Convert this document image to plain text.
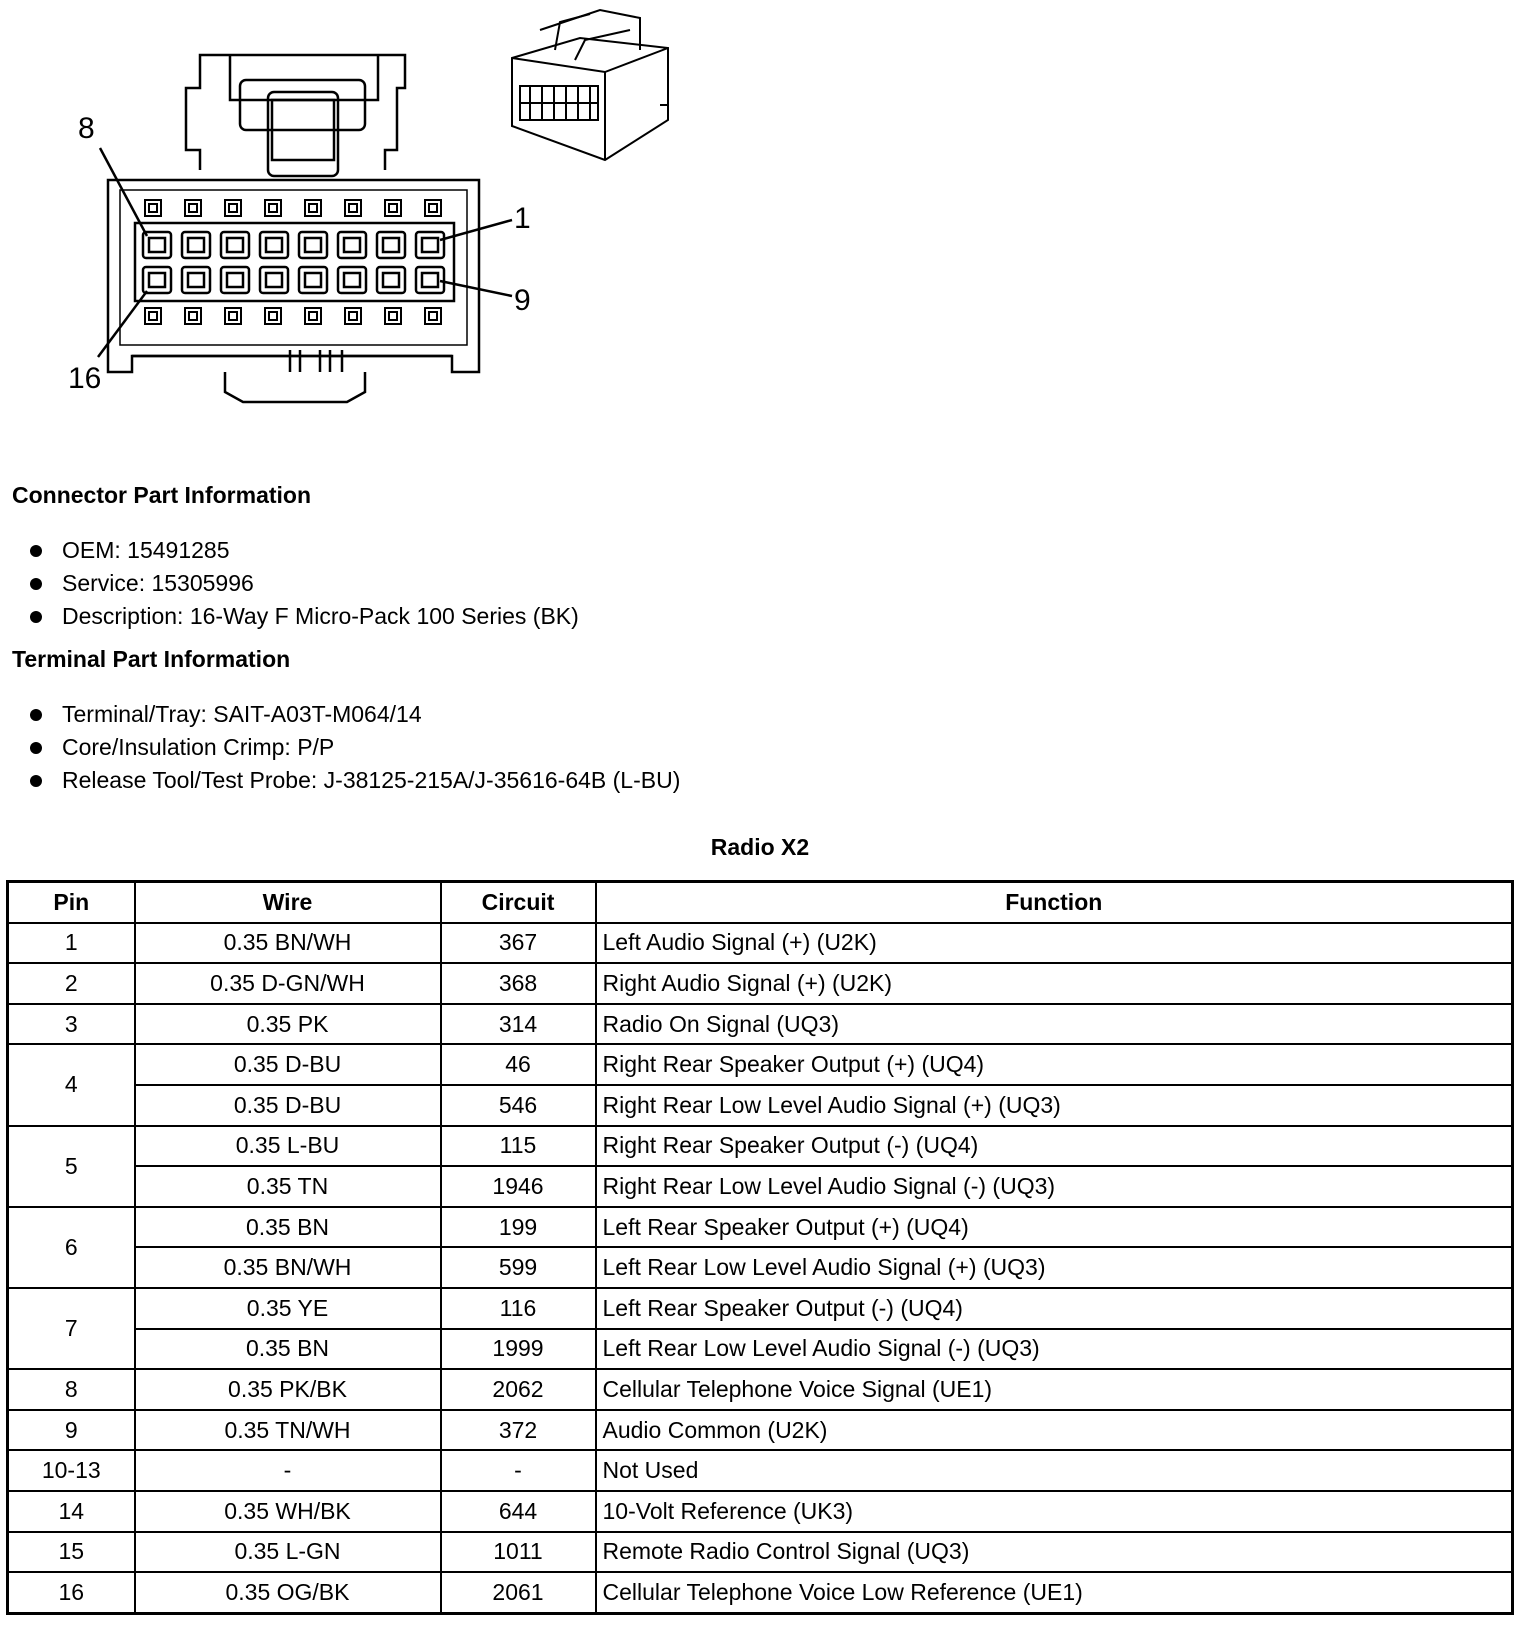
8
1
9
16
Connector Part Information
OEM: 15491285
Service: 15305996
Description: 16-Way F Micro-Pack 100 Series (BK)
Terminal Part Information
Terminal/Tray: SAIT-A03T-M064/14
Core/Insulation Crimp: P/P
Release Tool/Test Probe: J-38125-215A/J-35616-64B (L-BU)
Radio X2
Pin	Wire	Circuit	Function
1	0.35 BN/WH	367	Left Audio Signal (+) (U2K)
2	0.35 D-GN/WH	368	Right Audio Signal (+) (U2K)
3	0.35 PK	314	Radio On Signal (UQ3)
4	0.35 D-BU	46	Right Rear Speaker Output (+) (UQ4)
	0.35 D-BU	546	Right Rear Low Level Audio Signal (+) (UQ3)
5	0.35 L-BU	115	Right Rear Speaker Output (-) (UQ4)
	0.35 TN	1946	Right Rear Low Level Audio Signal (-) (UQ3)
6	0.35 BN	199	Left Rear Speaker Output (+) (UQ4)
	0.35 BN/WH	599	Left Rear Low Level Audio Signal (+) (UQ3)
7	0.35 YE	116	Left Rear Speaker Output (-) (UQ4)
	0.35 BN	1999	Left Rear Low Level Audio Signal (-) (UQ3)
8	0.35 PK/BK	2062	Cellular Telephone Voice Signal (UE1)
9	0.35 TN/WH	372	Audio Common (U2K)
10-13	-	-	Not Used
14	0.35 WH/BK	644	10-Volt Reference (UK3)
15	0.35 L-GN	1011	Remote Radio Control Signal (UQ3)
16	0.35 OG/BK	2061	Cellular Telephone Voice Low Reference (UE1)
